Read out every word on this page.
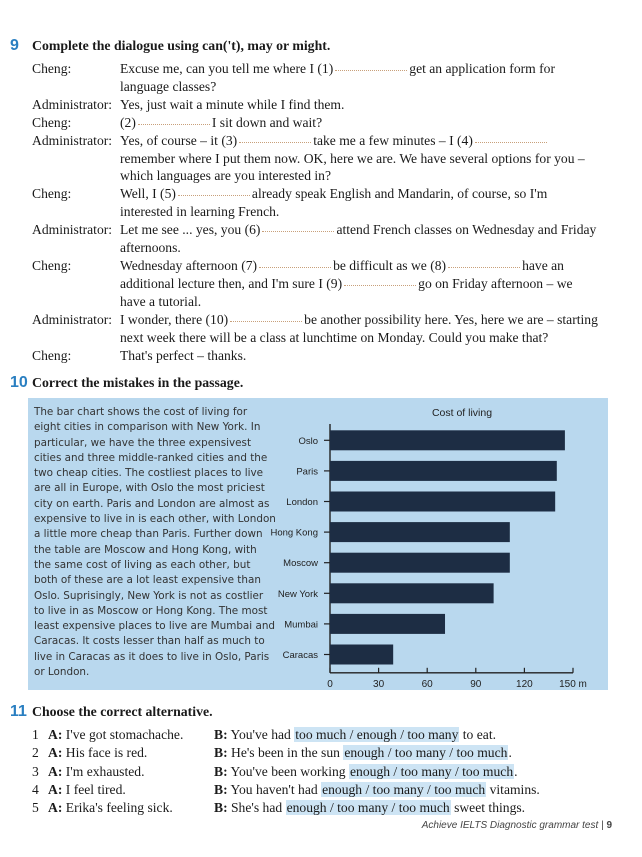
9 Complete the dialogue using can('t), may or might.
Cheng:	Excuse me, can you tell me where I (1)	get an application form for
language classes?
Administrator: Yes, just wait a minute while I find them.
Cheng:	(2)	I sit down and wait?
Administrator: Yes, of course – it (3)	take me a few minutes – I (4)
remember where I put them now. OK, here we are. We have several options for you –
which languages are you interested in?
Cheng:	Well, I (5)	already speak English and Mandarin, of course, so I'm
interested in learning French.
Administrator: Let me see ... yes, you (6)	attend French classes on Wednesday and Friday
afternoons.
Cheng:	Wednesday afternoon (7)	be difficult as we (8)	have an
additional lecture then, and I'm sure I (9)	go on Friday afternoon – we
have a tutorial.
Administrator: I wonder, there (10)	be another possibility here. Yes, here we are – starting
next week there will be a class at lunchtime on Monday. Could you make that?
Cheng:	That's perfect – thanks.
10 Correct the mistakes in the passage.
The bar chart shows the cost of living for
eight cities in comparison with New York. In
particular, we have the three expensivest
cities and three middle-ranked cities and the
two cheap cities. The costliest places to live
are all in Europe, with Oslo the most priciest
city on earth. Paris and London are almost as
expensive to live in is each other, with London
a little more cheap than Paris. Further down
the table are Moscow and Hong Kong, with
the same cost of living as each other, but
both of these are a lot least expensive than
Oslo. Suprisingly, New York is not as costlier
to live in as Moscow or Hong Kong. The most
least expensive places to live are Mumbai and
Caracas. It costs lesser than half as much to
live in Caracas as it does to live in Oslo, Paris
or London.
Cost of living
Oslo
Paris
London
Hong Kong
Moscow
New York
Mumbai
Caracas
0	30	60	90	120	150 m
11 Choose the correct alternative.
1 A: I've got stomachache.	B: You've had too much / enough / too many to eat.
2 A: His face is red.	B: He's been in the sun enough / too many / too much.
3 A: I'm exhausted.	B: You've been working enough / too many / too much.
4 A: I feel tired.	B: You haven't had enough / too many / too much vitamins.
5 A: Erika's feeling sick.	B: She's had enough / too many / too much sweet things.
Achieve IELTS Diagnostic grammar test | 9
